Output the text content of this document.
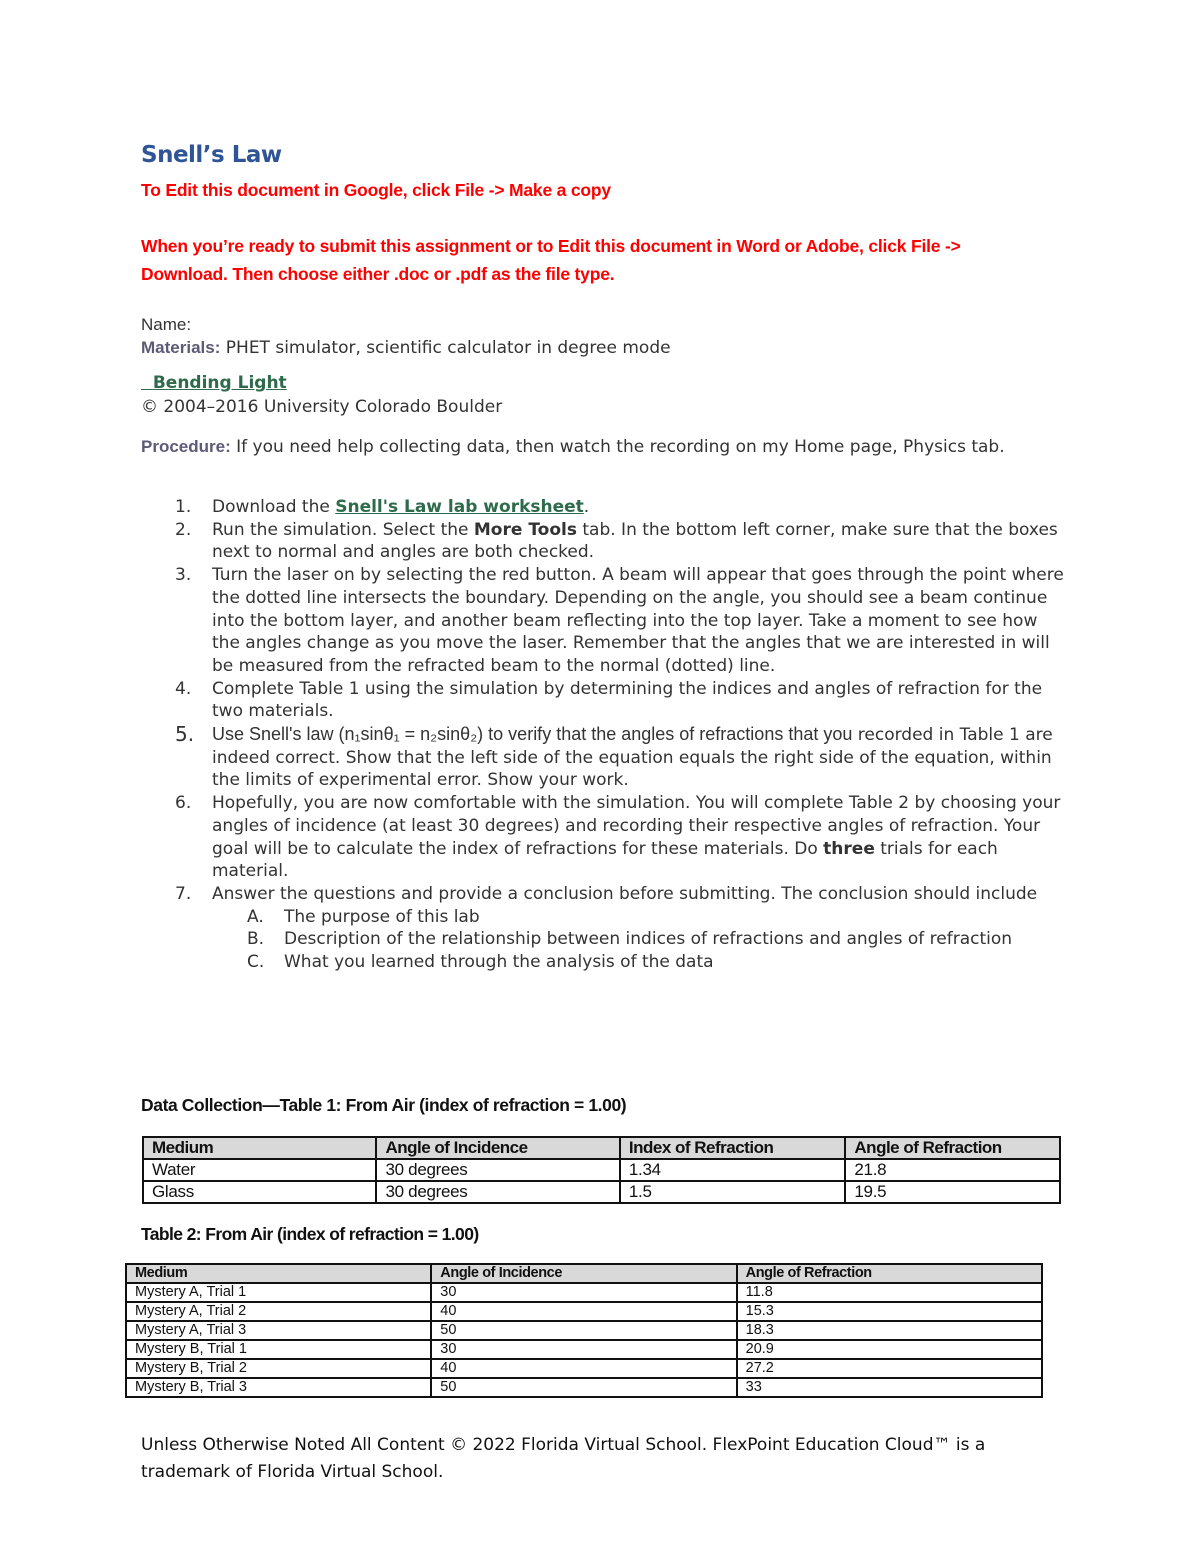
Snell’s Law
To Edit this document in Google, click File -> Make a copy
When you’re ready to submit this assignment or to Edit this document in Word or Adobe, click File -> Download. Then choose either .doc or .pdf as the file type.
Name:
Materials: PHET simulator, scientific calculator in degree mode
Bending Light
© 2004–2016 University Colorado Boulder
Procedure: If you need help collecting data, then watch the recording on my Home page, Physics tab.
1. Download the Snell's Law lab worksheet.
2. Run the simulation. Select the More Tools tab. In the bottom left corner, make sure that the boxes next to normal and angles are both checked.
3. Turn the laser on by selecting the red button. A beam will appear that goes through the point where the dotted line intersects the boundary. Depending on the angle, you should see a beam continue into the bottom layer, and another beam reflecting into the top layer. Take a moment to see how the angles change as you move the laser. Remember that the angles that we are interested in will be measured from the refracted beam to the normal (dotted) line.
4. Complete Table 1 using the simulation by determining the indices and angles of refraction for the two materials.
5. Use Snell's law (n₁sinθ₁ = n₂sinθ₂) to verify that the angles of refractions that you recorded in Table 1 are indeed correct. Show that the left side of the equation equals the right side of the equation, within the limits of experimental error. Show your work.
6. Hopefully, you are now comfortable with the simulation. You will complete Table 2 by choosing your angles of incidence (at least 30 degrees) and recording their respective angles of refraction. Your goal will be to calculate the index of refractions for these materials. Do three trials for each material.
7. Answer the questions and provide a conclusion before submitting. The conclusion should include
A. The purpose of this lab
B. Description of the relationship between indices of refractions and angles of refraction
C. What you learned through the analysis of the data
Data Collection—Table 1: From Air (index of refraction = 1.00)
Medium	Angle of Incidence	Index of Refraction	Angle of Refraction
Water	30 degrees	1.34	21.8
Glass	30 degrees	1.5	19.5
Table 2: From Air (index of refraction = 1.00)
Medium	Angle of Incidence	Angle of Refraction
Mystery A, Trial 1	30	11.8
Mystery A, Trial 2	40	15.3
Mystery A, Trial 3	50	18.3
Mystery B, Trial 1	30	20.9
Mystery B, Trial 2	40	27.2
Mystery B, Trial 3	50	33
Unless Otherwise Noted All Content © 2022 Florida Virtual School. FlexPoint Education Cloud™ is a trademark of Florida Virtual School.
